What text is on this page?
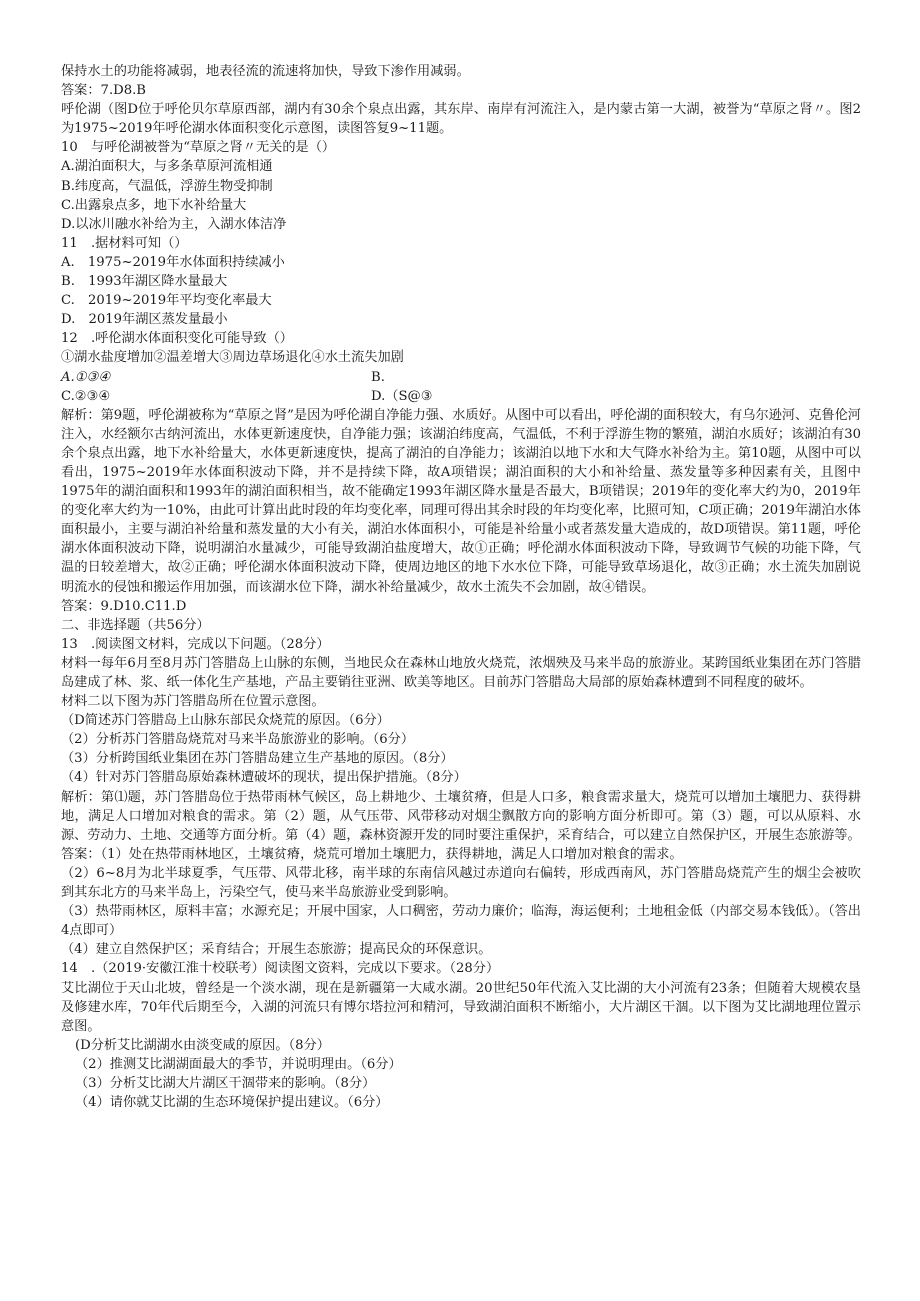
保持水土的功能将减弱，地表径流的流速将加快，导致下渗作用减弱。
答案：7.D8.B
呼伦湖（图D位于呼伦贝尔草原西部，湖内有30余个泉点出露，其东岸、南岸有河流注入，是内蒙古第一大湖，被誉为“草原之肾〃。图2为1975~2019年呼伦湖水体面积变化示意图，读图答复9~11题。
10　与呼伦湖被誉为“草原之肾〃无关的是（）
A.湖泊面积大，与多条草原河流相通
B.纬度高，气温低，浮游生物受抑制
C.出露泉点多，地下水补给量大
D.以冰川融水补给为主，入湖水体洁净
11　.据材料可知（）
A.　1975~2019年水体面积持续减小
B.　1993年湖区降水量最大
C.　2019~2019年平均变化率最大
D.　2019年湖区蒸发量最小
12　.呼伦湖水体面积变化可能导致（）
①湖水盐度增加②温差增大③周边草场退化④水土流失加剧
A.①③④	B.
C.②③④	D.（S@③
解析：第9题，呼伦湖被称为“草原之肾”是因为呼伦湖自净能力强、水质好。从图中可以看出，呼伦湖的面积较大，有乌尔逊河、克鲁伦河注入，水经额尔古纳河流出，水体更新速度快，自净能力强；该湖泊纬度高，气温低，不利于浮游生物的繁殖，湖泊水质好；该湖泊有30余个泉点出露，地下水补给量大，水体更新速度快，提高了湖泊的自净能力；该湖泊以地下水和大气降水补给为主。第10题，从图中可以看出，1975~2019年水体面积波动下降，并不是持续下降，故A项错误；湖泊面积的大小和补给量、蒸发量等多种因素有关，且图中1975年的湖泊面积和1993年的湖泊面积相当，故不能确定1993年湖区降水量是否最大，B项错误；2019年的变化率大约为0，2019年的变化率大约为一10%，由此可计算出此时段的年均变化率，同理可得出其余时段的年均变化率，比照可知，C项正确；2019年湖泊水体面积最小，主要与湖泊补给量和蒸发量的大小有关，湖泊水体面积小，可能是补给量小或者蒸发量大造成的，故D项错误。第11题，呼伦湖水体面积波动下降，说明湖泊水量减少，可能导致湖泊盐度增大，故①正确；呼伦湖水体面积波动下降，导致调节气候的功能下降，气温的日较差增大，故②正确；呼伦湖水体面积波动下降，使周边地区的地下水水位下降，可能导致草场退化，故③正确；水土流失加剧说明流水的侵蚀和搬运作用加强，而该湖水位下降，湖水补给量减少，故水土流失不会加剧，故④错误。
答案：9.D10.C11.D
二、非选择题（共56分）
13　.阅读图文材料，完成以下问题。（28分）
材料一每年6月至8月苏门答腊岛上山脉的东侧，当地民众在森林山地放火烧荒，浓烟殃及马来半岛的旅游业。某跨国纸业集团在苏门答腊岛建成了林、浆、纸一体化生产基地，产品主要销往亚洲、欧美等地区。目前苏门答腊岛大局部的原始森林遭到不同程度的破坏。
材料二以下图为苏门答腊岛所在位置示意图。
（D简述苏门答腊岛上山脉东部民众烧荒的原因。（6分）
（2）分析苏门答腊岛烧荒对马来半岛旅游业的影响。（6分）
（3）分析跨国纸业集团在苏门答腊岛建立生产基地的原因。（8分）
（4）针对苏门答腊岛原始森林遭破坏的现状，提出保护措施。（8分）
解析：第⑴题，苏门答腊岛位于热带雨林气候区，岛上耕地少、土壤贫瘠，但是人口多，粮食需求量大，烧荒可以增加土壤肥力、获得耕地，满足人口增加对粮食的需求。第（2）题，从气压带、风带移动对烟尘飘散方向的影响方面分析即可。第（3）题，可以从原料、水源、劳动力、土地、交通等方面分析。第（4）题，森林资源开发的同时要注重保护，采育结合，可以建立自然保护区，开展生态旅游等。
答案：（1）处在热带雨林地区，土壤贫瘠，烧荒可增加土壤肥力，获得耕地，满足人口增加对粮食的需求。
（2）6~8月为北半球夏季，气压带、风带北移，南半球的东南信风越过赤道向右偏转，形成西南风，苏门答腊岛烧荒产生的烟尘会被吹到其东北方的马来半岛上，污染空气，使马来半岛旅游业受到影响。
（3）热带雨林区，原料丰富；水源充足；开展中国家，人口稠密，劳动力廉价；临海，海运便利；土地租金低（内部交易本钱低）。（答出4点即可）
（4）建立自然保护区；采育结合；开展生态旅游；提高民众的环保意识。
14　.（2019·安徽江淮十校联考）阅读图文资料，完成以下要求。（28分）
艾比湖位于天山北坡，曾经是一个淡水湖，现在是新疆第一大咸水湖。20世纪50年代流入艾比湖的大小河流有23条；但随着大规模农垦及修建水库，70年代后期至今，入湖的河流只有博尔塔拉河和精河，导致湖泊面积不断缩小，大片湖区干涸。以下图为艾比湖地理位置示意图。
(D分析艾比湖湖水由淡变咸的原因。（8分）
（2）推测艾比湖湖面最大的季节，并说明理由。（6分）
（3）分析艾比湖大片湖区干涸带来的影响。（8分）
（4）请你就艾比湖的生态环境保护提出建议。（6分）
